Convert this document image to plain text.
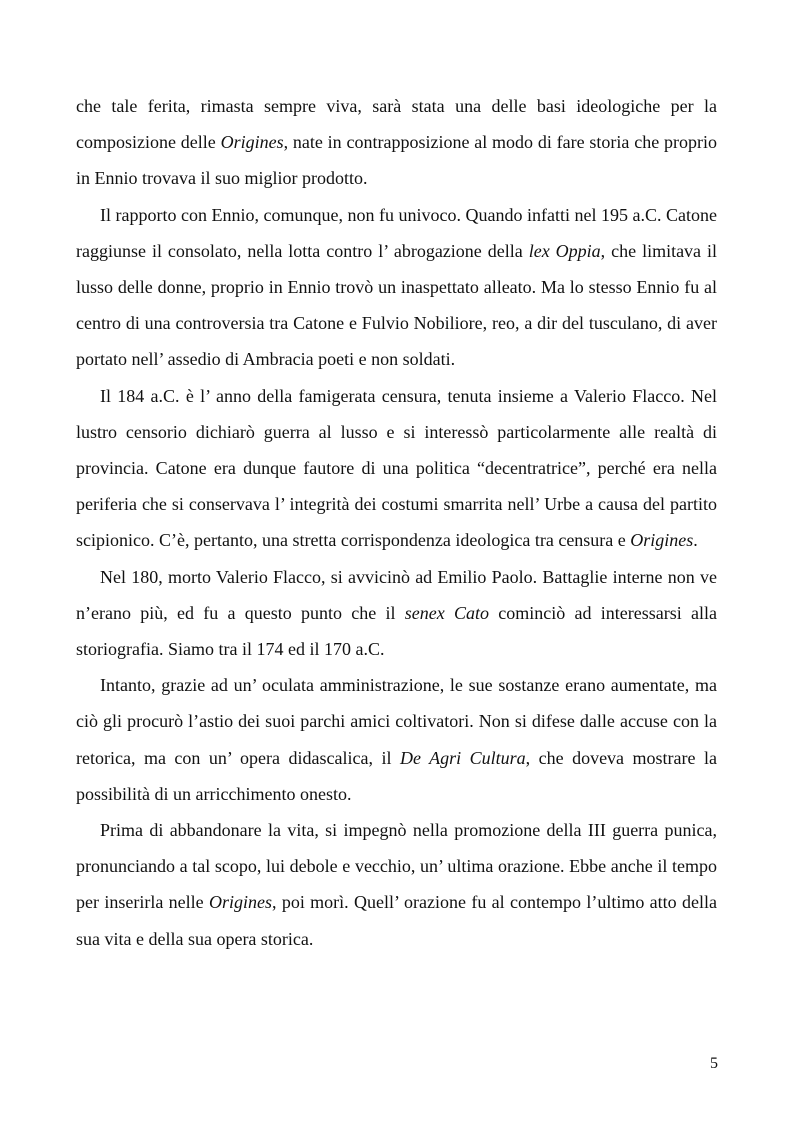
che tale ferita, rimasta sempre viva, sarà stata una delle basi ideologiche per la composizione delle Origines, nate in contrapposizione al modo di fare storia che proprio in Ennio trovava il suo miglior prodotto.

Il rapporto con Ennio, comunque, non fu univoco. Quando infatti nel 195 a.C. Catone raggiunse il consolato, nella lotta contro l’ abrogazione della lex Oppia, che limitava il lusso delle donne, proprio in Ennio trovò un inaspettato alleato. Ma lo stesso Ennio fu al centro di una controversia tra Catone e Fulvio Nobiliore, reo, a dir del tusculano, di aver portato nell’ assedio di Ambracia poeti e non soldati.

Il 184 a.C. è l’ anno della famigerata censura, tenuta insieme a Valerio Flacco. Nel lustro censorio dichiarò guerra al lusso e si interessò particolarmente alle realtà di provincia. Catone era dunque fautore di una politica “decentratrice”, perché era nella periferia che si conservava l’ integrità dei costumi smarrita nell’ Urbe a causa del partito scipionico. C’è, pertanto, una stretta corrispondenza ideologica tra censura e Origines.

Nel 180, morto Valerio Flacco, si avvicinò ad Emilio Paolo. Battaglie interne non ve n’erano più, ed fu a questo punto che il senex Cato cominciò ad interessarsi alla storiografia. Siamo tra il 174 ed il 170 a.C.

Intanto, grazie ad un’ oculata amministrazione, le sue sostanze erano aumentate, ma ciò gli procurò l’astio dei suoi parchi amici coltivatori. Non si difese dalle accuse con la retorica, ma con un’ opera didascalica, il De Agri Cultura, che doveva mostrare la possibilità di un arricchimento onesto.

Prima di abbandonare la vita, si impegnò nella promozione della III guerra punica, pronunciando a tal scopo, lui debole e vecchio, un’ ultima orazione. Ebbe anche il tempo per inserirla nelle Origines, poi morì. Quell’ orazione fu al contempo l’ultimo atto della sua vita e della sua opera storica.

5
